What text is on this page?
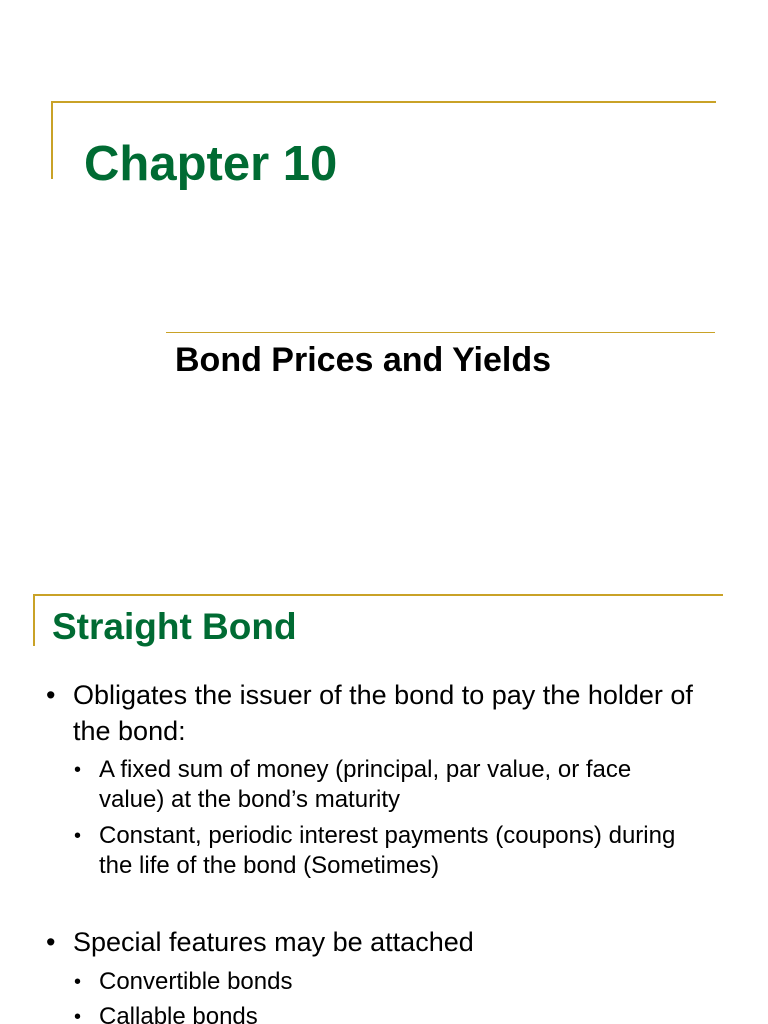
Chapter 10
Bond Prices and Yields
Straight Bond
• Obligates the issuer of the bond to pay the holder of the bond:
• A fixed sum of money (principal, par value, or face value) at the bond’s maturity
• Constant, periodic interest payments (coupons) during the life of the bond (Sometimes)
• Special features may be attached
• Convertible bonds
• Callable bonds
